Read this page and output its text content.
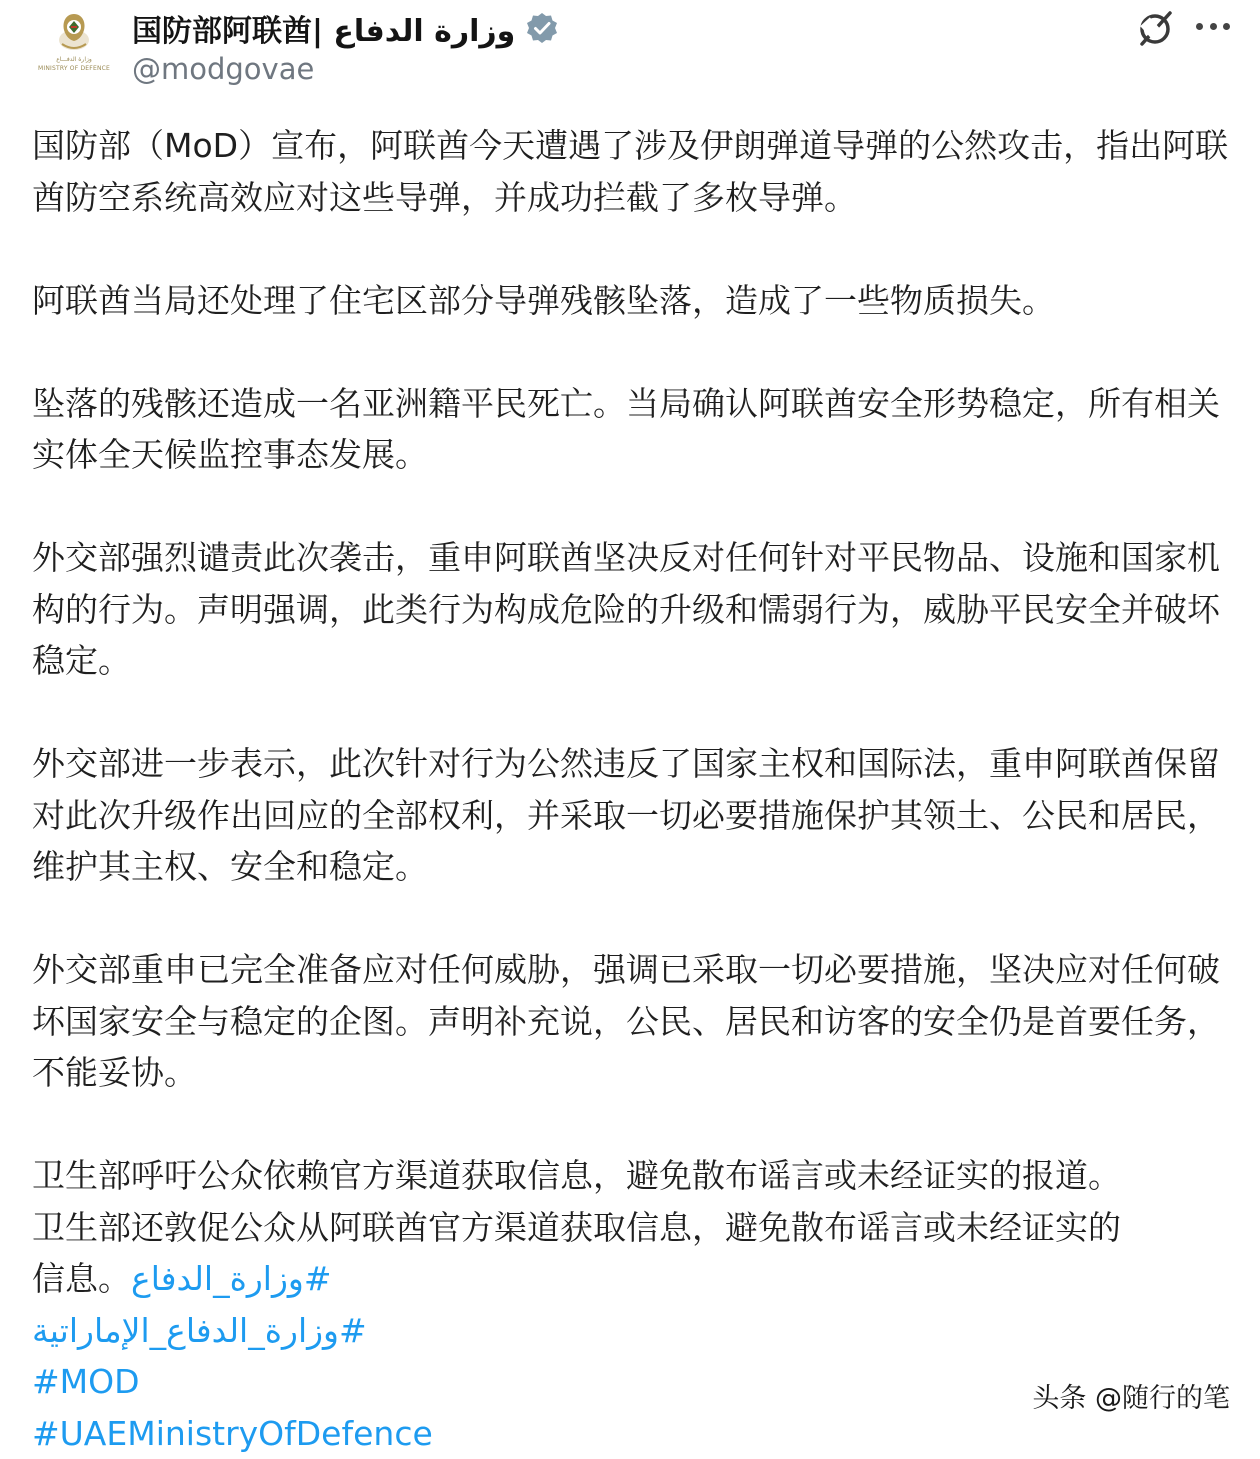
وزارة الدفـــاع
MINISTRY OF DEFENCE
وزارة الدفاع |国防部阿联酋
@modgovae

国防部（MoD）宣布，阿联酋今天遭遇了涉及伊朗弹道导弹的公然攻击，指出阿联酋防空系统高效应对这些导弹，并成功拦截了多枚导弹。

阿联酋当局还处理了住宅区部分导弹残骸坠落，造成了一些物质损失。

坠落的残骸还造成一名亚洲籍平民死亡。当局确认阿联酋安全形势稳定，所有相关实体全天候监控事态发展。

外交部强烈谴责此次袭击，重申阿联酋坚决反对任何针对平民物品、设施和国家机构的行为。声明强调，此类行为构成危险的升级和懦弱行为，威胁平民安全并破坏稳定。

外交部进一步表示，此次针对行为公然违反了国家主权和国际法，重申阿联酋保留对此次升级作出回应的全部权利，并采取一切必要措施保护其领土、公民和居民，维护其主权、安全和稳定。

外交部重申已完全准备应对任何威胁，强调已采取一切必要措施，坚决应对任何破坏国家安全与稳定的企图。声明补充说，公民、居民和访客的安全仍是首要任务，不能妥协。

卫生部呼吁公众依赖官方渠道获取信息，避免散布谣言或未经证实的报道。
卫生部还敦促公众从阿联酋官方渠道获取信息，避免散布谣言或未经证实的
信息。#وزارة_الدفاع
#وزارة_الدفاع_الإماراتية
#MOD
#UAEMinistryOfDefence
头条 @随行的笔
